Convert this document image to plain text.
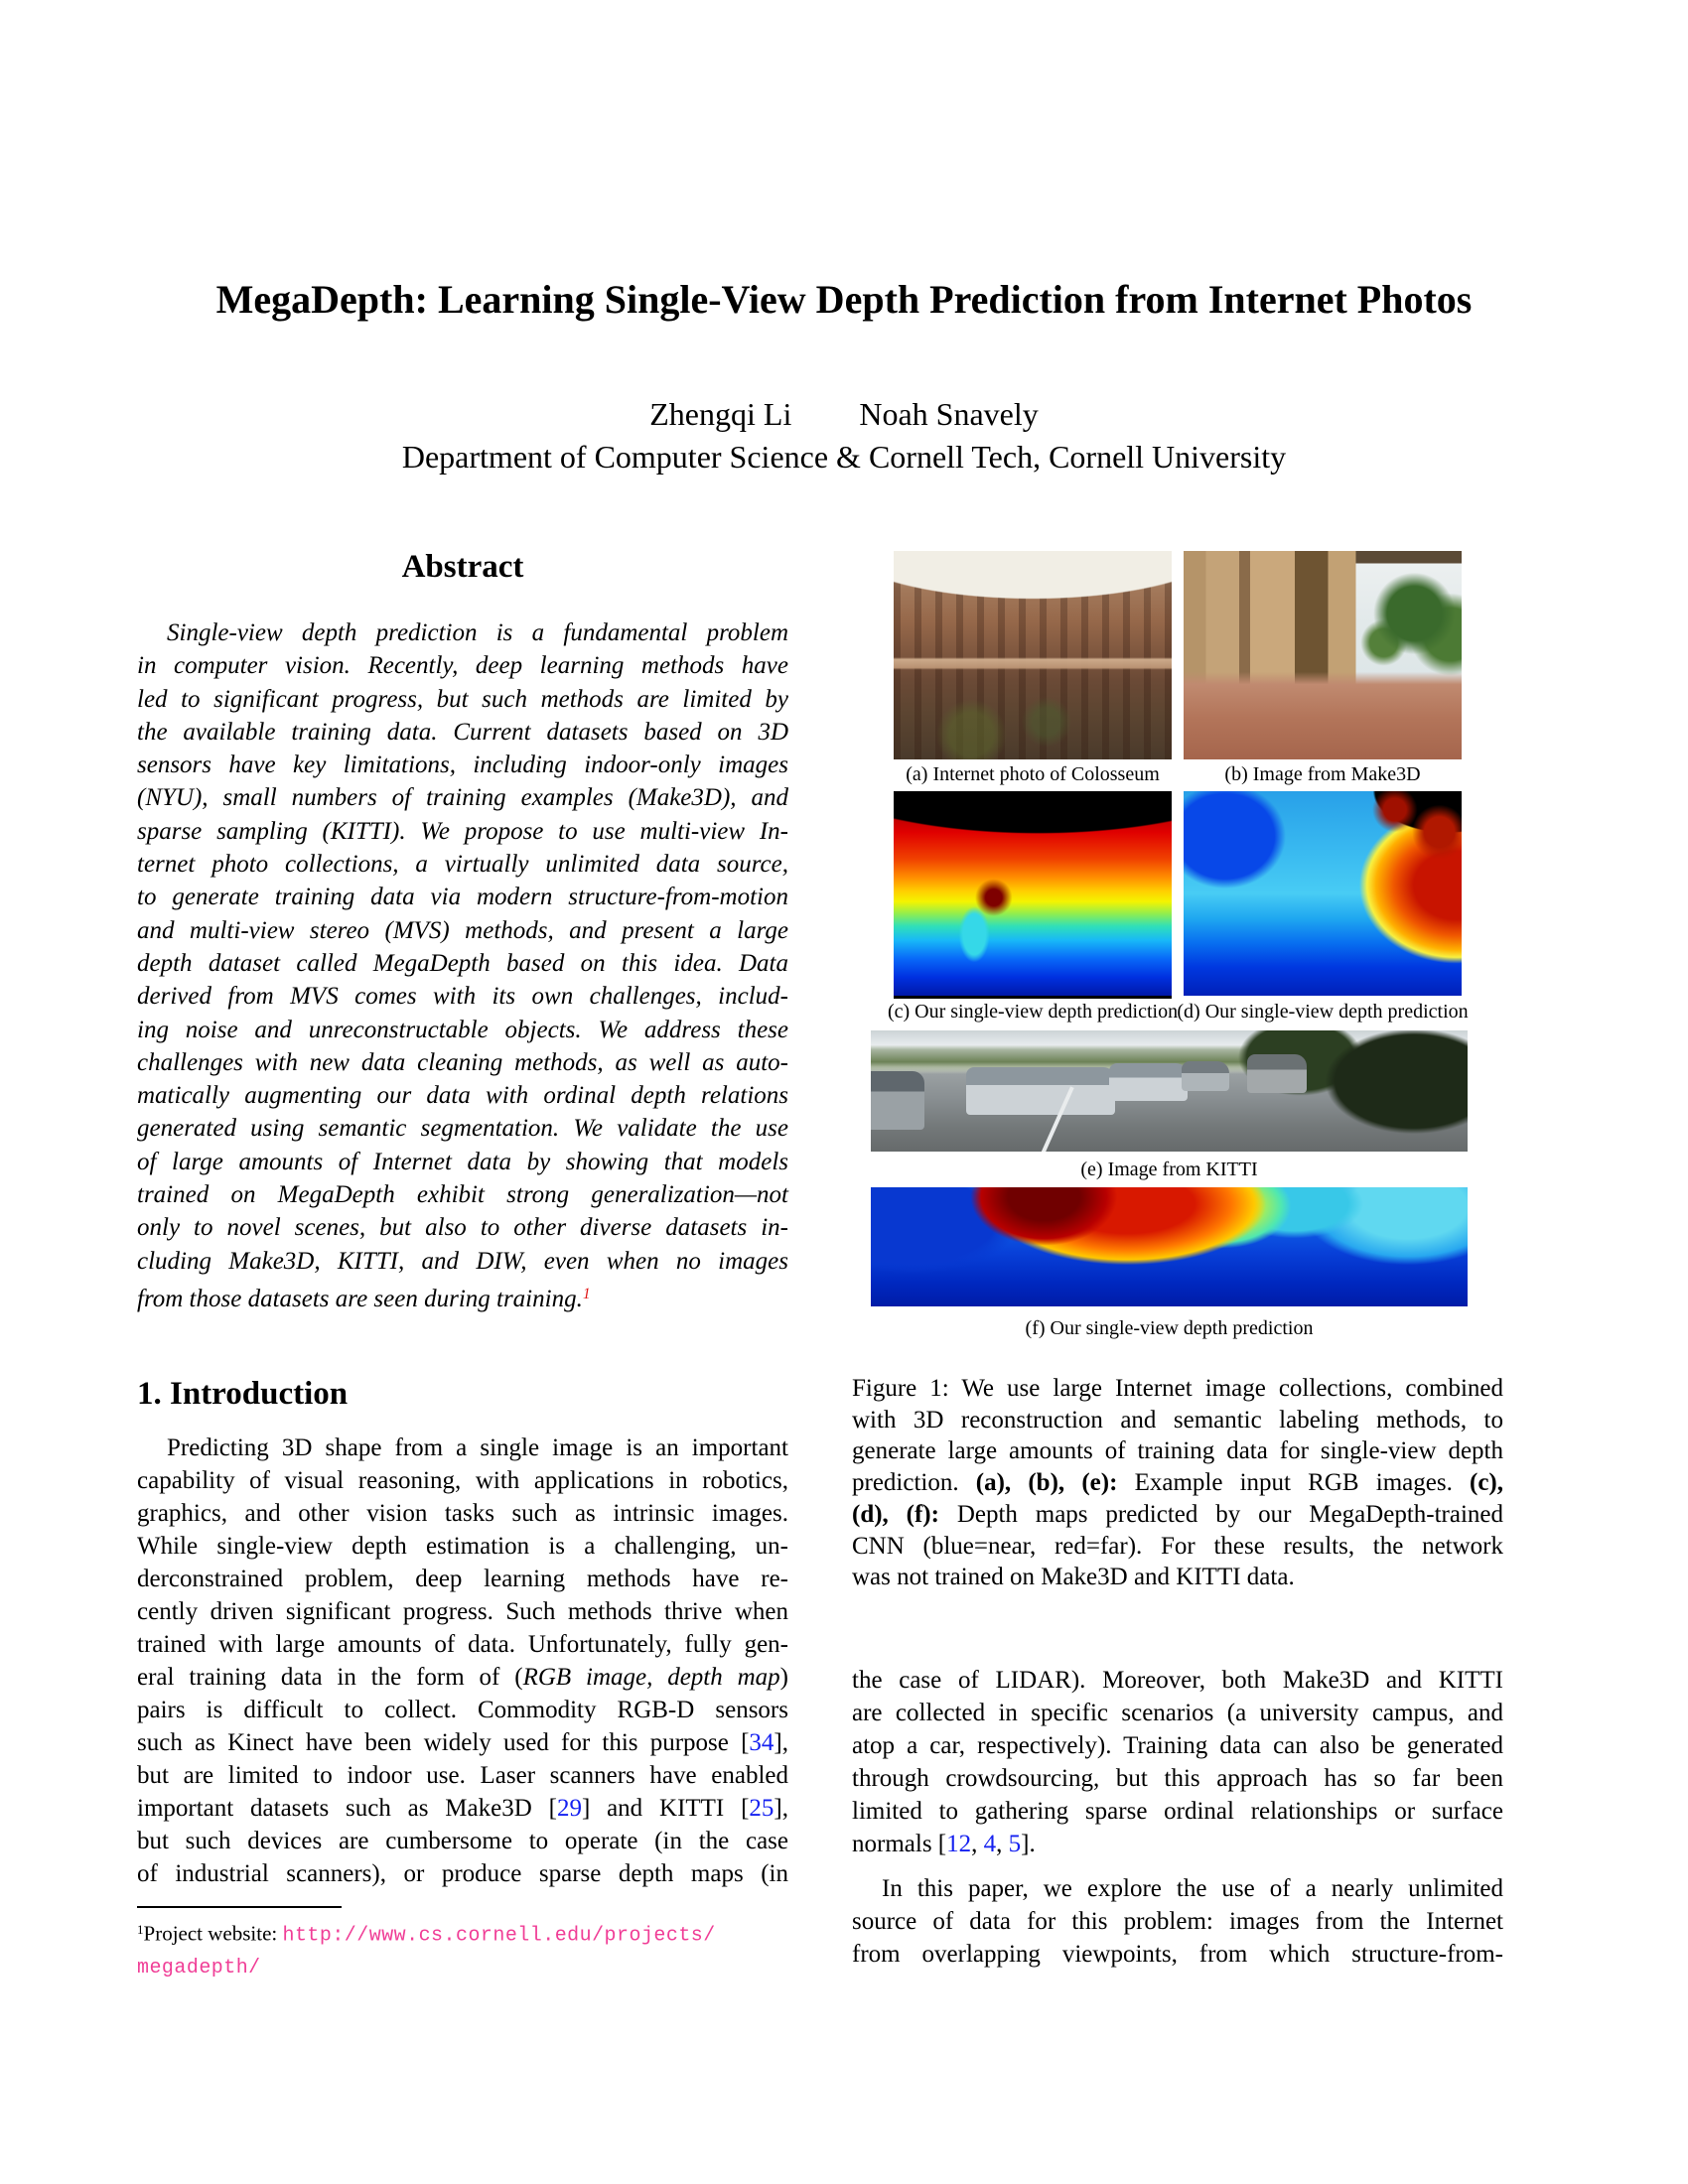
MegaDepth: Learning Single-View Depth Prediction from Internet Photos
Zhengqi Li Noah Snavely
Department of Computer Science & Cornell Tech, Cornell University
Abstract
Single-view depth prediction is a fundamental problem
in computer vision. Recently, deep learning methods have
led to significant progress, but such methods are limited by
the available training data. Current datasets based on 3D
sensors have key limitations, including indoor-only images
(NYU), small numbers of training examples (Make3D), and
sparse sampling (KITTI). We propose to use multi-view In-
ternet photo collections, a virtually unlimited data source,
to generate training data via modern structure-from-motion
and multi-view stereo (MVS) methods, and present a large
depth dataset called MegaDepth based on this idea. Data
derived from MVS comes with its own challenges, includ-
ing noise and unreconstructable objects. We address these
challenges with new data cleaning methods, as well as auto-
matically augmenting our data with ordinal depth relations
generated using semantic segmentation. We validate the use
of large amounts of Internet data by showing that models
trained on MegaDepth exhibit strong generalization—not
only to novel scenes, but also to other diverse datasets in-
cluding Make3D, KITTI, and DIW, even when no images
from those datasets are seen during training.$^1$
1. Introduction
Predicting 3D shape from a single image is an important
capability of visual reasoning, with applications in robotics,
graphics, and other vision tasks such as intrinsic images.
While single-view depth estimation is a challenging, un-
derconstrained problem, deep learning methods have re-
cently driven significant progress. Such methods thrive when
trained with large amounts of data. Unfortunately, fully gen-
eral training data in the form of (RGB image, depth map)
pairs is difficult to collect. Commodity RGB-D sensors
such as Kinect have been widely used for this purpose [34],
but are limited to indoor use. Laser scanners have enabled
important datasets such as Make3D [29] and KITTI [25],
but such devices are cumbersome to operate (in the case
of industrial scanners), or produce sparse depth maps (in
$^1$Project website: http://www.cs.cornell.edu/projects/
megadepth/
(a) Internet photo of Colosseum	(b) Image from Make3D
(c) Our single-view depth prediction (d) Our single-view depth prediction
(e) Image from KITTI
(f) Our single-view depth prediction
Figure 1: We use large Internet image collections, combined
with 3D reconstruction and semantic labeling methods, to
generate large amounts of training data for single-view depth
prediction. (a), (b), (e): Example input RGB images. (c),
(d), (f): Depth maps predicted by our MegaDepth-trained
CNN (blue=near, red=far). For these results, the network
was not trained on Make3D and KITTI data.
the case of LIDAR). Moreover, both Make3D and KITTI
are collected in specific scenarios (a university campus, and
atop a car, respectively). Training data can also be generated
through crowdsourcing, but this approach has so far been
limited to gathering sparse ordinal relationships or surface
normals [12, 4, 5].
In this paper, we explore the use of a nearly unlimited
source of data for this problem: images from the Internet
from overlapping viewpoints, from which structure-from-
